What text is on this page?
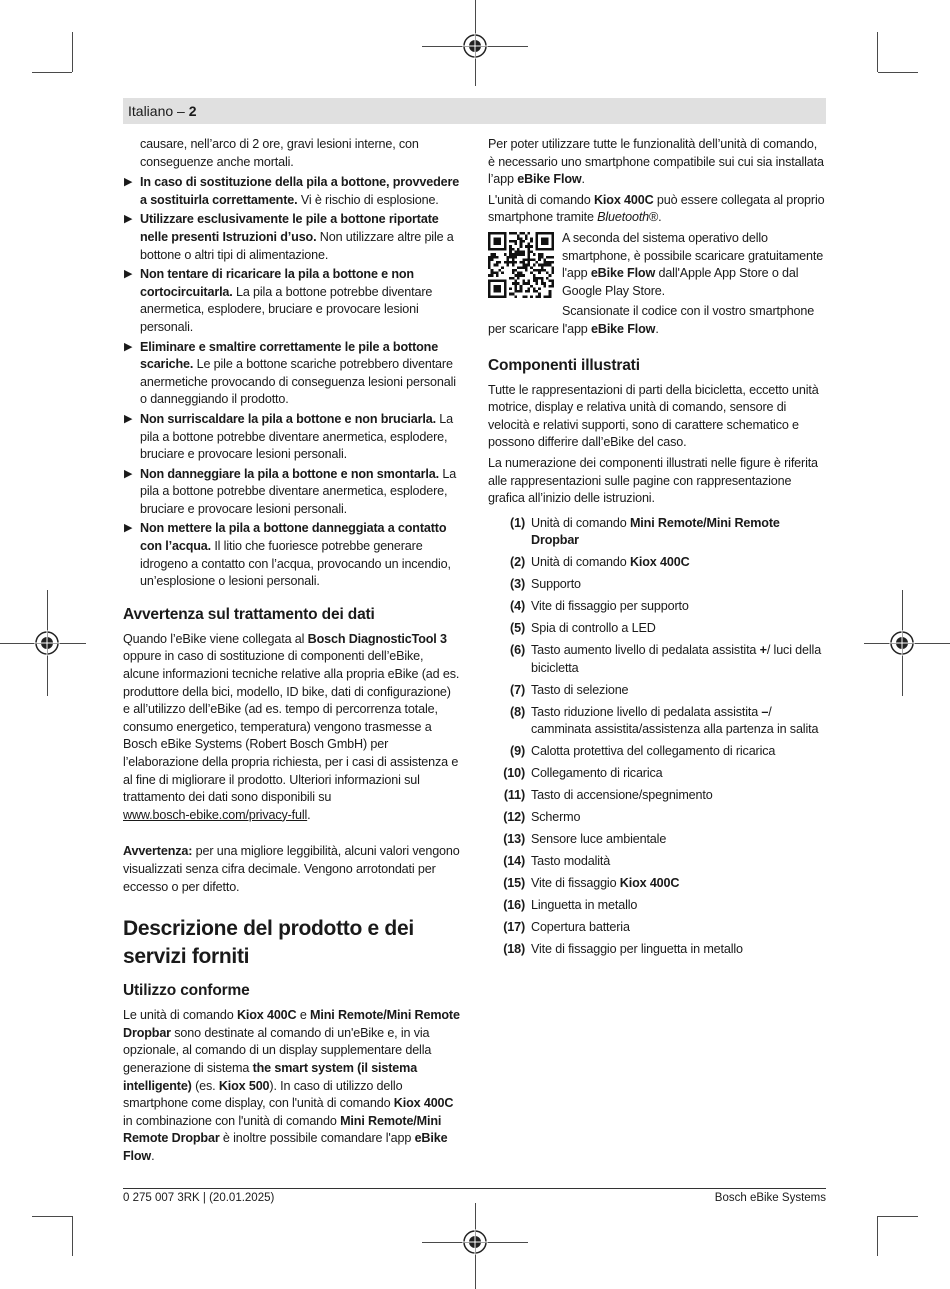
Italiano – 2

causare, nell’arco di 2 ore, gravi lesioni interne, con conseguenze anche mortali.

▶ In caso di sostituzione della pila a bottone, provvedere a sostituirla correttamente. Vi è rischio di esplosione.

▶ Utilizzare esclusivamente le pile a bottone riportate nelle presenti Istruzioni d’uso. Non utilizzare altre pile a bottone o altri tipi di alimentazione.

▶ Non tentare di ricaricare la pila a bottone e non cortocircuitarla. La pila a bottone potrebbe diventare anermetica, esplodere, bruciare e provocare lesioni personali.

▶ Eliminare e smaltire correttamente le pile a bottone scariche. Le pile a bottone scariche potrebbero diventare anermetiche provocando di conseguenza lesioni personali o danneggiando il prodotto.

▶ Non surriscaldare la pila a bottone e non bruciarla. La pila a bottone potrebbe diventare anermetica, esplodere, bruciare e provocare lesioni personali.

▶ Non danneggiare la pila a bottone e non smontarla. La pila a bottone potrebbe diventare anermetica, esplodere, bruciare e provocare lesioni personali.

▶ Non mettere la pila a bottone danneggiata a contatto con l’acqua. Il litio che fuoriesce potrebbe generare idrogeno a contatto con l’acqua, provocando un incendio, un’esplosione o lesioni personali.

Avvertenza sul trattamento dei dati

Quando l’eBike viene collegata al Bosch DiagnosticTool 3 oppure in caso di sostituzione di componenti dell’eBike, alcune informazioni tecniche relative alla propria eBike (ad es. produttore della bici, modello, ID bike, dati di configurazione) e all’utilizzo dell’eBike (ad es. tempo di percorrenza totale, consumo energetico, temperatura) vengono trasmesse a Bosch eBike Systems (Robert Bosch GmbH) per l’elaborazione della propria richiesta, per i casi di assistenza e al fine di migliorare il prodotto. Ulteriori informazioni sul trattamento dei dati sono disponibili su
www.bosch-ebike.com/privacy-full.

Avvertenza: per una migliore leggibilità, alcuni valori vengono visualizzati senza cifra decimale. Vengono arrotondati per eccesso o per difetto.

Descrizione del prodotto e dei servizi forniti
Utilizzo conforme

Le unità di comando Kiox 400C e Mini Remote/Mini Remote Dropbar sono destinate al comando di un'eBike e, in via opzionale, al comando di un display supplementare della generazione di sistema the smart system (il sistema intelligente) (es. Kiox 500). In caso di utilizzo dello smartphone come display, con l'unità di comando Kiox 400C in combinazione con l'unità di comando Mini Remote/Mini Remote Dropbar è inoltre possibile comandare l'app eBike Flow.

Per poter utilizzare tutte le funzionalità dell’unità di comando, è necessario uno smartphone compatibile sui cui sia installata l’app eBike Flow.

L'unità di comando Kiox 400C può essere collegata al proprio smartphone tramite Bluetooth®.

A seconda del sistema operativo dello smartphone, è possibile scaricare gratuitamente l'app eBike Flow dall'Apple App Store o dal Google Play Store.

Scansionate il codice con il vostro smartphone per scaricare l'app eBike Flow.

Componenti illustrati

Tutte le rappresentazioni di parti della bicicletta, eccetto unità motrice, display e relativa unità di comando, sensore di velocità e relativi supporti, sono di carattere schematico e possono differire dall’eBike del caso.

La numerazione dei componenti illustrati nelle figure è riferita alle rappresentazioni sulle pagine con rappresentazione grafica all’inizio delle istruzioni.

(1) Unità di comando Mini Remote/Mini Remote Dropbar
(2) Unità di comando Kiox 400C
(3) Supporto
(4) Vite di fissaggio per supporto
(5) Spia di controllo a LED
(6) Tasto aumento livello di pedalata assistita +/ luci della bicicletta
(7) Tasto di selezione
(8) Tasto riduzione livello di pedalata assistita –/ camminata assistita/assistenza alla partenza in salita
(9) Calotta protettiva del collegamento di ricarica
(10) Collegamento di ricarica
(11) Tasto di accensione/spegnimento
(12) Schermo
(13) Sensore luce ambientale
(14) Tasto modalità
(15) Vite di fissaggio Kiox 400C
(16) Linguetta in metallo
(17) Copertura batteria
(18) Vite di fissaggio per linguetta in metallo
0 275 007 3RK | (20.01.2025)	Bosch eBike Systems
